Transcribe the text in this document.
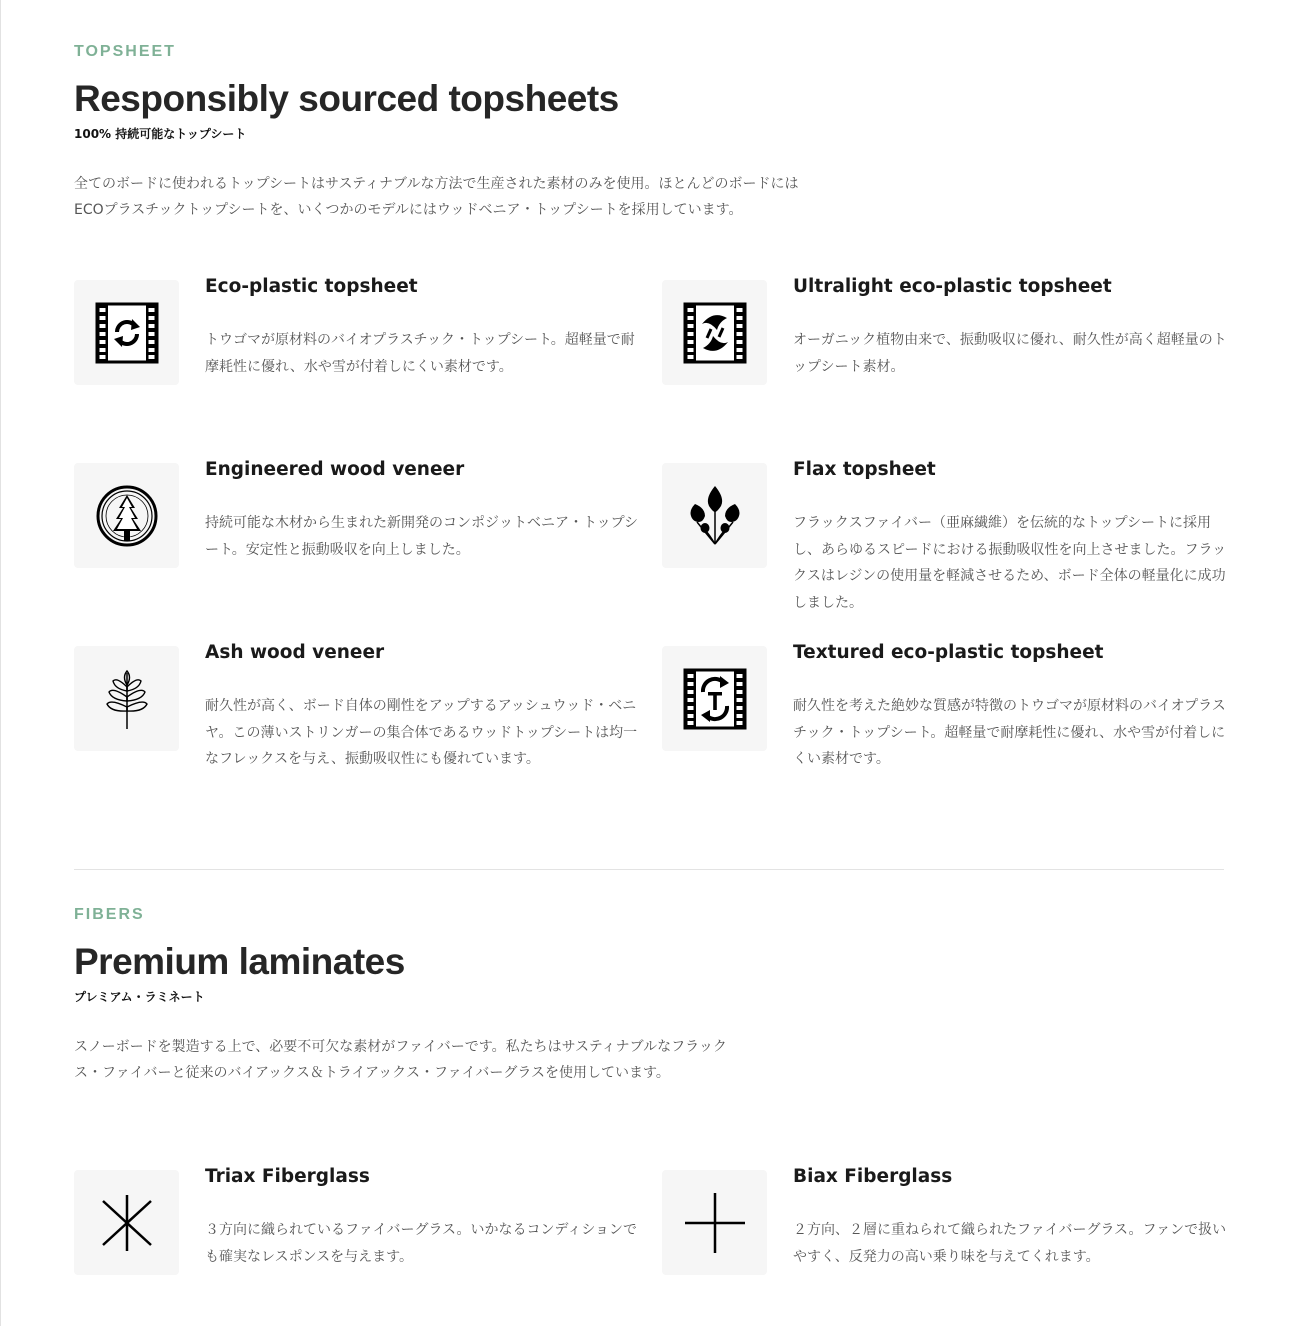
TOPSHEET
Responsibly sourced topsheets
100% 持続可能なトップシート
全てのボードに使われるトップシートはサスティナブルな方法で生産された素材のみを使用。ほとんどのボードには
ECOプラスチックトップシートを、いくつかのモデルにはウッドベニア・トップシートを採用しています。
Eco-plastic topsheet
トウゴマが原材料のバイオプラスチック・トップシート。超軽量で耐摩耗性に優れ、水や雪が付着しにくい素材です。
Ultralight eco-plastic topsheet
オーガニック植物由来で、振動吸収に優れ、耐久性が高く超軽量のトップシート素材。
Engineered wood veneer
持続可能な木材から生まれた新開発のコンポジットベニア・トップシート。安定性と振動吸収を向上しました。
Flax topsheet
フラックスファイバー（亜麻繊維）を伝統的なトップシートに採用し、あらゆるスピードにおける振動吸収性を向上させました。フラックスはレジンの使用量を軽減させるため、ボード全体の軽量化に成功しました。
Ash wood veneer
耐久性が高く、ボード自体の剛性をアップするアッシュウッド・ベニヤ。この薄いストリンガーの集合体であるウッドトップシートは均一なフレックスを与え、振動吸収性にも優れています。
Textured eco-plastic topsheet
耐久性を考えた絶妙な質感が特徴のトウゴマが原材料のバイオプラスチック・トップシート。超軽量で耐摩耗性に優れ、水や雪が付着しにくい素材です。
FIBERS
Premium laminates
プレミアム・ラミネート
スノーボードを製造する上で、必要不可欠な素材がファイバーです。私たちはサスティナブルなフラックス・ファイバーと従来のバイアックス＆トライアックス・ファイバーグラスを使用しています。
Triax Fiberglass
３方向に織られているファイバーグラス。いかなるコンディションでも確実なレスポンスを与えます。
Biax Fiberglass
２方向、２層に重ねられて織られたファイバーグラス。ファンで扱いやすく、反発力の高い乗り味を与えてくれます。
